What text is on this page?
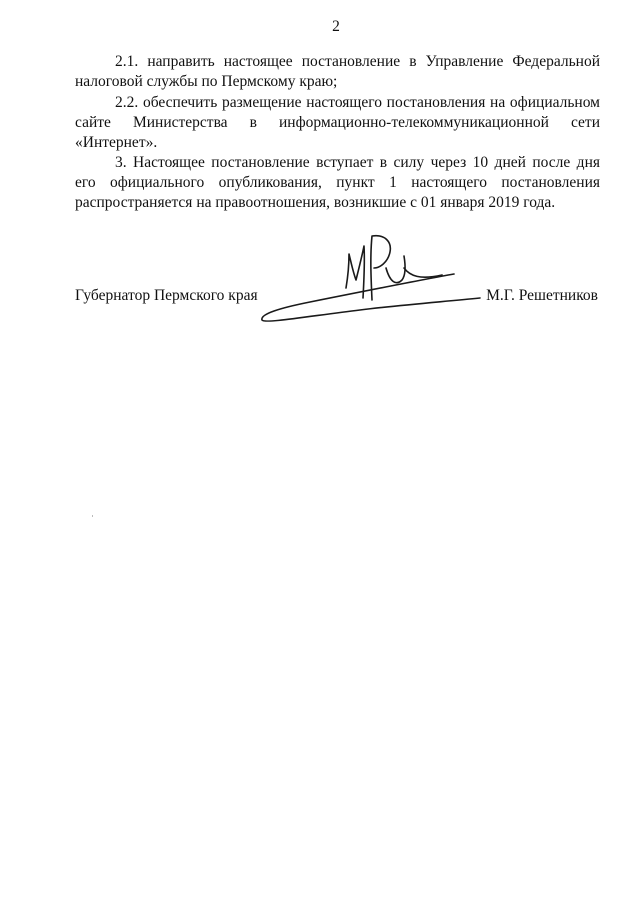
2
2.1. направить настоящее постановление в Управление Федеральной
налоговой службы по Пермскому краю;
2.2. обеспечить размещение настоящего постановления на официальном
сайте Министерства в информационно-телекоммуникационной сети
«Интернет».
3. Настоящее постановление вступает в силу через 10 дней после дня
его официального опубликования, пункт 1 настоящего постановления
распространяется на правоотношения, возникшие с 01 января 2019 года.
Губернатор Пермского края	М.Г. Решетников
